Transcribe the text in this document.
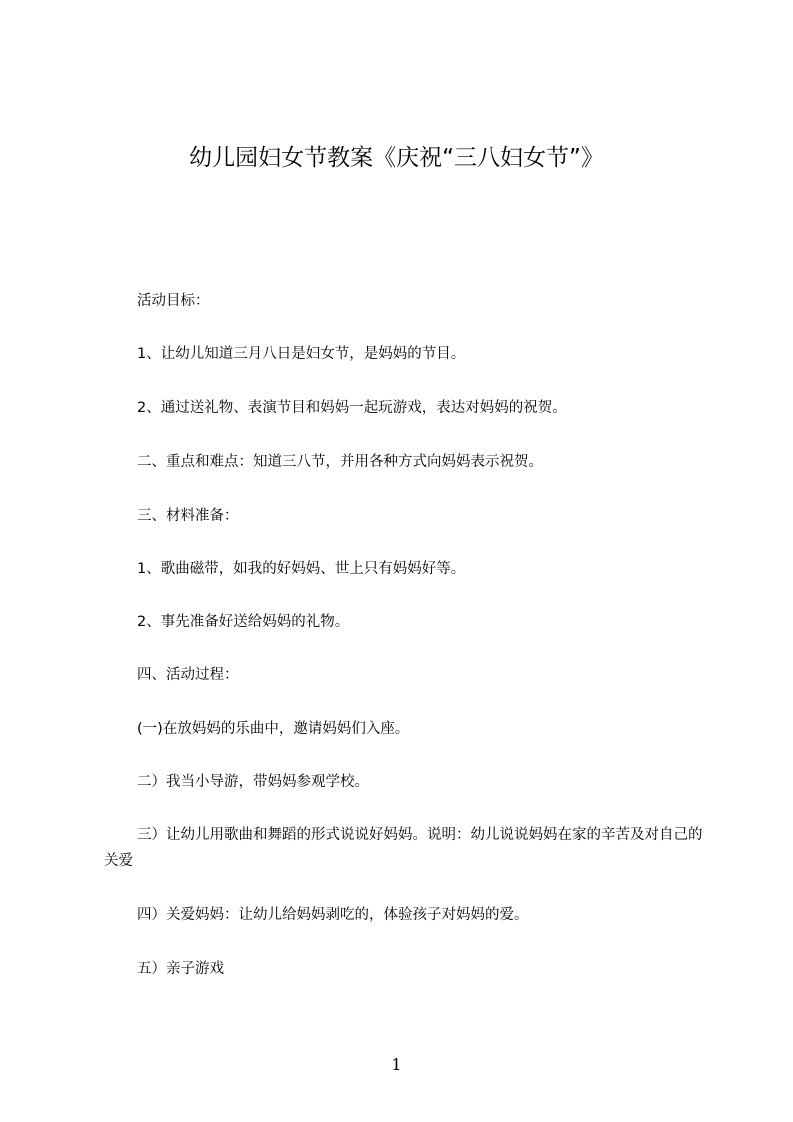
幼儿园妇女节教案《庆祝“三八妇女节”》
活动目标：
1、让幼儿知道三月八日是妇女节，是妈妈的节目。
2、通过送礼物、表演节目和妈妈一起玩游戏，表达对妈妈的祝贺。
二、重点和难点：知道三八节，并用各种方式向妈妈表示祝贺。
三、材料准备：
1、歌曲磁带，如我的好妈妈、世上只有妈妈好等。
2、事先准备好送给妈妈的礼物。
四、活动过程：
(一)在放妈妈的乐曲中，邀请妈妈们入座。
二）我当小导游，带妈妈参观学校。
三）让幼儿用歌曲和舞蹈的形式说说好妈妈。说明：幼儿说说妈妈在家的辛苦及对自己的关爱
四）关爱妈妈：让幼儿给妈妈剥吃的，体验孩子对妈妈的爱。
五）亲子游戏
1
